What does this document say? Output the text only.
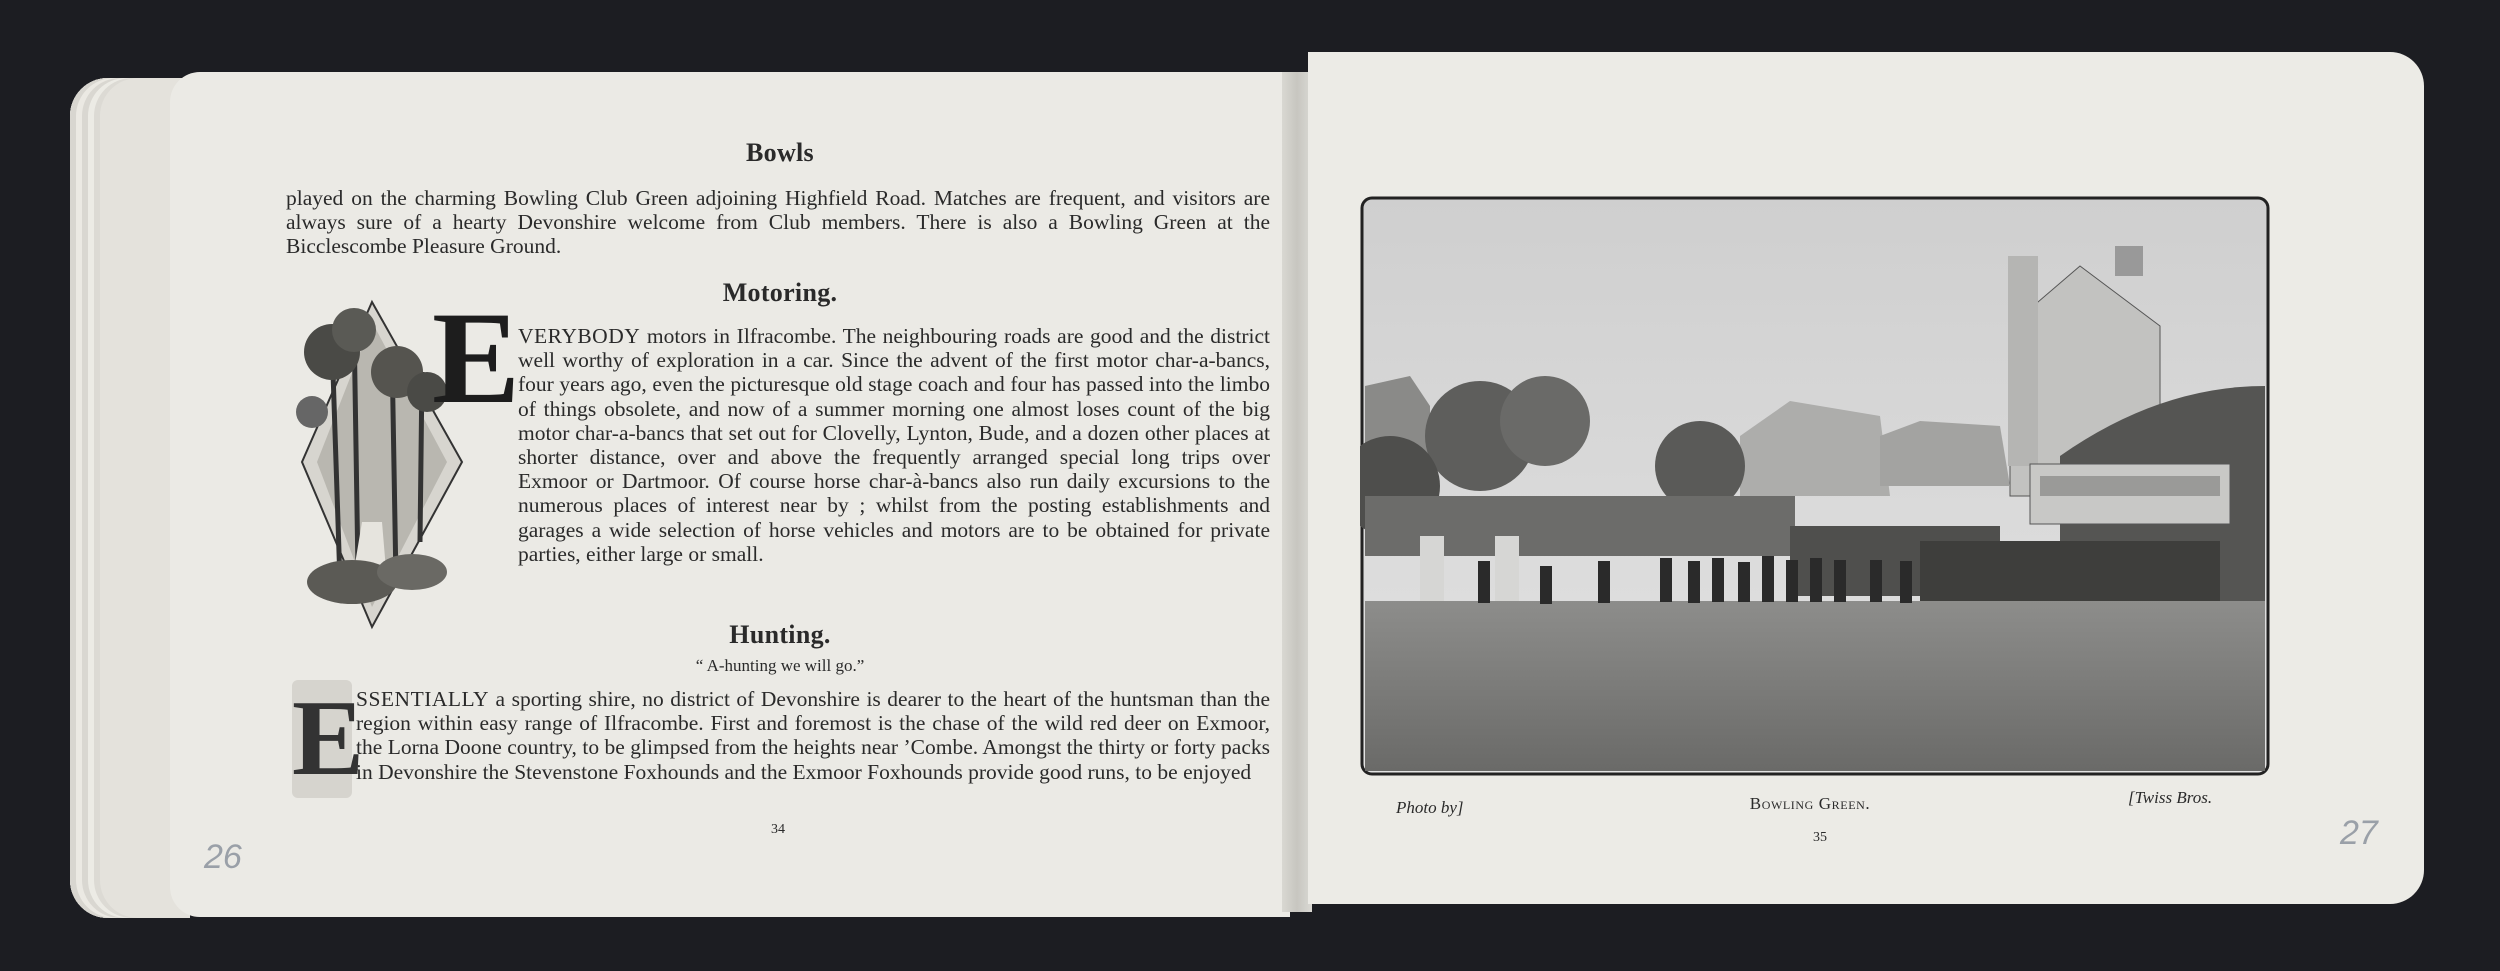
Bowls

played on the charming Bowling Club Green adjoining Highfield Road. Matches are frequent, and visitors are always sure of a hearty Devonshire welcome from Club members. There is also a Bowling Green at the Bicclescombe Pleasure Ground.

Motoring.
E
VERYBODY motors in Ilfracombe. The neighbouring roads are good and the district well worthy of exploration in a car. Since the advent of the first motor char-a-bancs, four years ago, even the picturesque old stage coach and four has passed into the limbo of things obsolete, and now of a summer morning one almost loses count of the big motor char-a-bancs that set out for Clovelly, Lynton, Bude, and a dozen other places at shorter distance, over and above the frequently arranged special long trips over Exmoor or Dartmoor. Of course horse char-à-bancs also run daily excursions to the numerous places of interest near by ; whilst from the posting establishments and garages a wide selection of horse vehicles and motors are to be obtained for private parties, either large or small.
Hunting.

“ A-hunting we will go.”

E
SSENTIALLY a sporting shire, no district of Devonshire is dearer to the heart of the huntsman than the region within easy range of Ilfracombe. First and foremost is the chase of the wild red deer on Exmoor, the Lorna Doone country, to be glimpsed from the heights near ’Combe. Amongst the thirty or forty packs in Devonshire the Stevenstone Foxhounds and the Exmoor Foxhounds provide good runs, to be enjoyed

34

26

Photo by]	Bowling Green.	[Twiss Bros.

35	27
